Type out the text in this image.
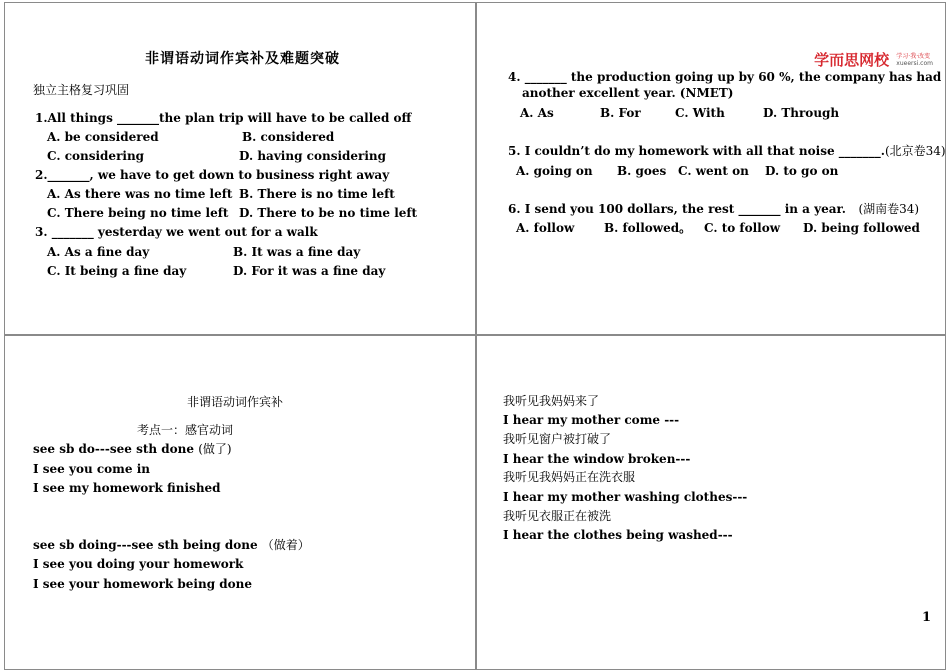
非谓语动词作宾补及难题突破
独立主格复习巩固
1.All things _______the plan trip will have to be called off
A. be considered	B. considered
C. considering	D. having considering
2._______, we have to get down to business right away
A. As there was no time left B. There is no time left
C. There being no time left D. There to be no time left
3. _______ yesterday we went out for a walk
A. As a fine day	B. It was a fine day
C. It being a fine day	D. For it was a fine day
学而思网校 学习·我·改变
xueersi.com
4. _______ the production going up by 60 %, the company has had
another excellent year. (NMET)
A. As	B. For	C. With	D. Through
5. I couldn’t do my homework with all that noise _______.(北京卷34)
A. going on B. goes C. went on D. to go on
6. I send you 100 dollars, the rest _______ in a year. (湖南卷34)
A. follow B. followed。 C. to follow D. being followed
非谓语动词作宾补
考点一：感官动词
see sb do---see sth done (做了)
I see you come in
I see my homework finished
see sb doing---see sth being done （做着）
I see you doing your homework
I see your homework being done
我听见我妈妈来了
I hear my mother come ---
我听见窗户被打破了
I hear the window broken---
我听见我妈妈正在洗衣服
I hear my mother washing clothes---
我听见衣服正在被洗
I hear the clothes being washed---
1
